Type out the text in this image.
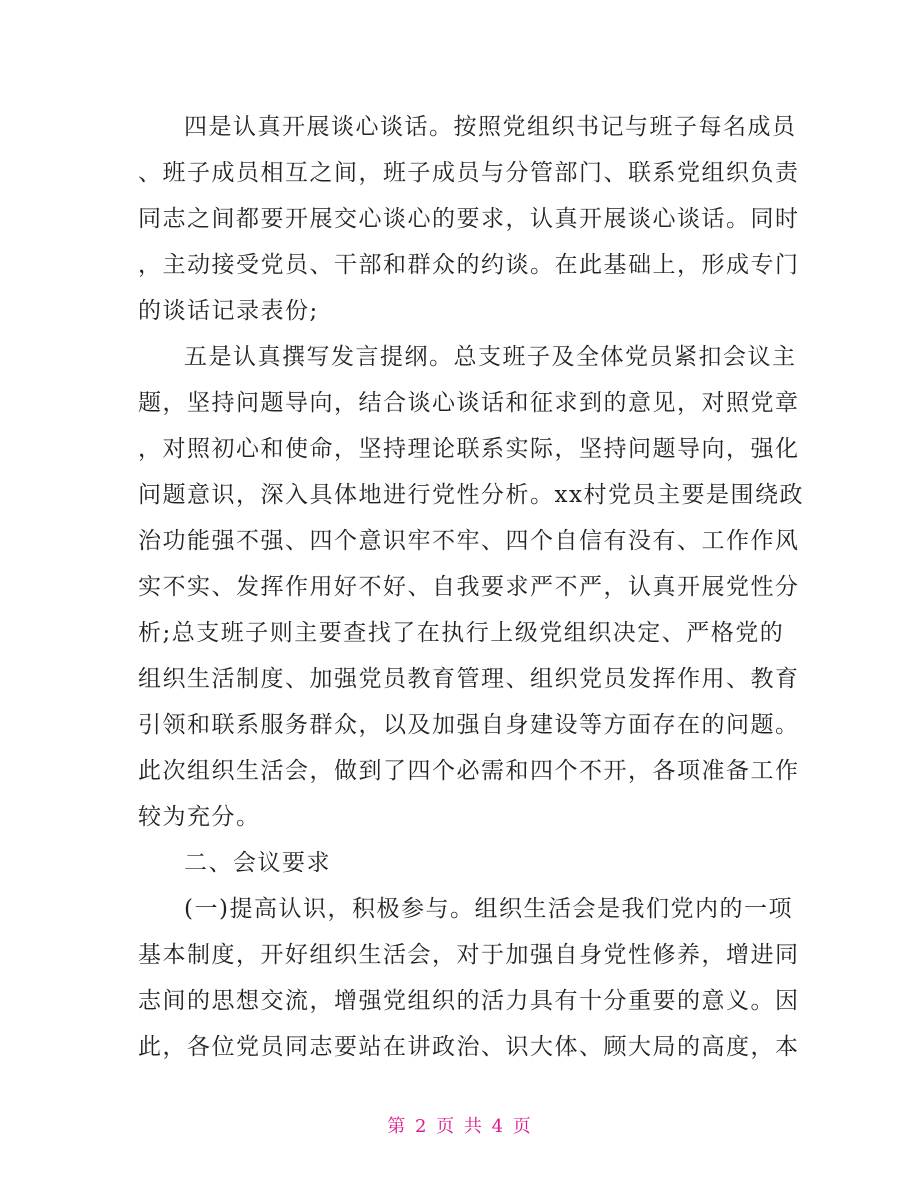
四是认真开展谈心谈话。按照党组织书记与班子每名成员
、班子成员相互之间，班子成员与分管部门、联系党组织负责
同志之间都要开展交心谈心的要求，认真开展谈心谈话。同时
，主动接受党员、干部和群众的约谈。在此基础上，形成专门
的谈话记录表份;
五是认真撰写发言提纲。总支班子及全体党员紧扣会议主
题，坚持问题导向，结合谈心谈话和征求到的意见，对照党章
，对照初心和使命，坚持理论联系实际，坚持问题导向，强化
问题意识，深入具体地进行党性分析。xx村党员主要是围绕政
治功能强不强、四个意识牢不牢、四个自信有没有、工作作风
实不实、发挥作用好不好、自我要求严不严，认真开展党性分
析;总支班子则主要查找了在执行上级党组织决定、严格党的
组织生活制度、加强党员教育管理、组织党员发挥作用、教育
引领和联系服务群众，以及加强自身建设等方面存在的问题。
此次组织生活会，做到了四个必需和四个不开，各项准备工作
较为充分。
二、会议要求
(一)提高认识，积极参与。组织生活会是我们党内的一项
基本制度，开好组织生活会，对于加强自身党性修养，增进同
志间的思想交流，增强党组织的活力具有十分重要的意义。因
此，各位党员同志要站在讲政治、识大体、顾大局的高度，本
第 2 页 共 4 页
